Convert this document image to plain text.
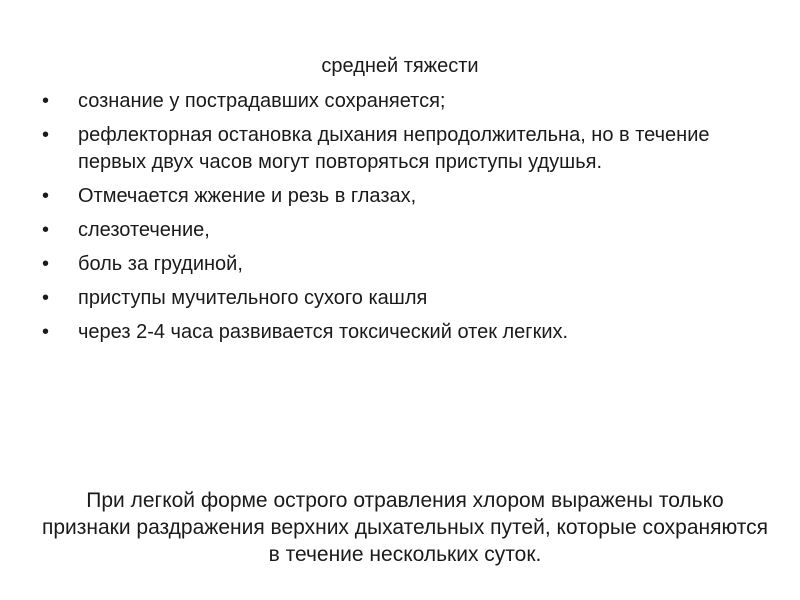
средней тяжести

•	сознание у пострадавших сохраняется;
•	рефлекторная остановка дыхания непродолжительна, но в течение первых двух часов могут повторяться приступы удушья.
•	Отмечается жжение и резь в глазах,
•	слезотечение,
•	боль за грудиной,
•	приступы мучительного сухого кашля
•	через 2-4 часа развивается токсический отек легких.

При легкой форме острого отравления хлором выражены только признаки раздражения верхних дыхательных путей, которые сохраняются в течение нескольких суток.
